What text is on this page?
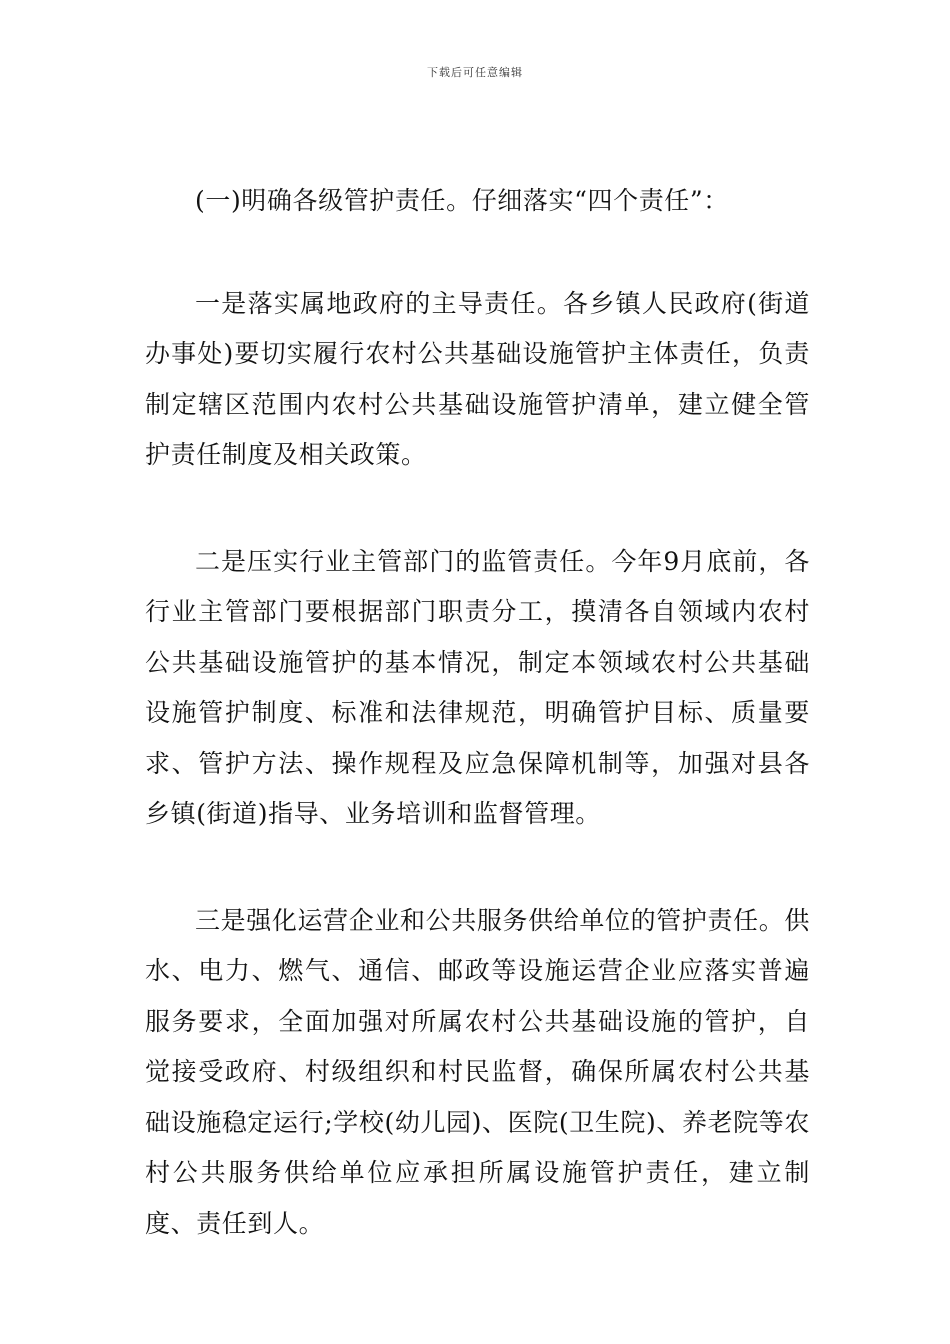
下载后可任意编辑

(一)明确各级管护责任。仔细落实“四个责任”：

一是落实属地政府的主导责任。各乡镇人民政府(街道办事处)要切实履行农村公共基础设施管护主体责任，负责制定辖区范围内农村公共基础设施管护清单，建立健全管护责任制度及相关政策。

二是压实行业主管部门的监管责任。今年9月底前，各行业主管部门要根据部门职责分工，摸清各自领域内农村公共基础设施管护的基本情况，制定本领域农村公共基础设施管护制度、标准和法律规范，明确管护目标、质量要求、管护方法、操作规程及应急保障机制等，加强对县各乡镇(街道)指导、业务培训和监督管理。

三是强化运营企业和公共服务供给单位的管护责任。供水、电力、燃气、通信、邮政等设施运营企业应落实普遍服务要求，全面加强对所属农村公共基础设施的管护，自觉接受政府、村级组织和村民监督，确保所属农村公共基础设施稳定运行;学校(幼儿园)、医院(卫生院)、养老院等农村公共服务供给单位应承担所属设施管护责任，建立制度、责任到人。
